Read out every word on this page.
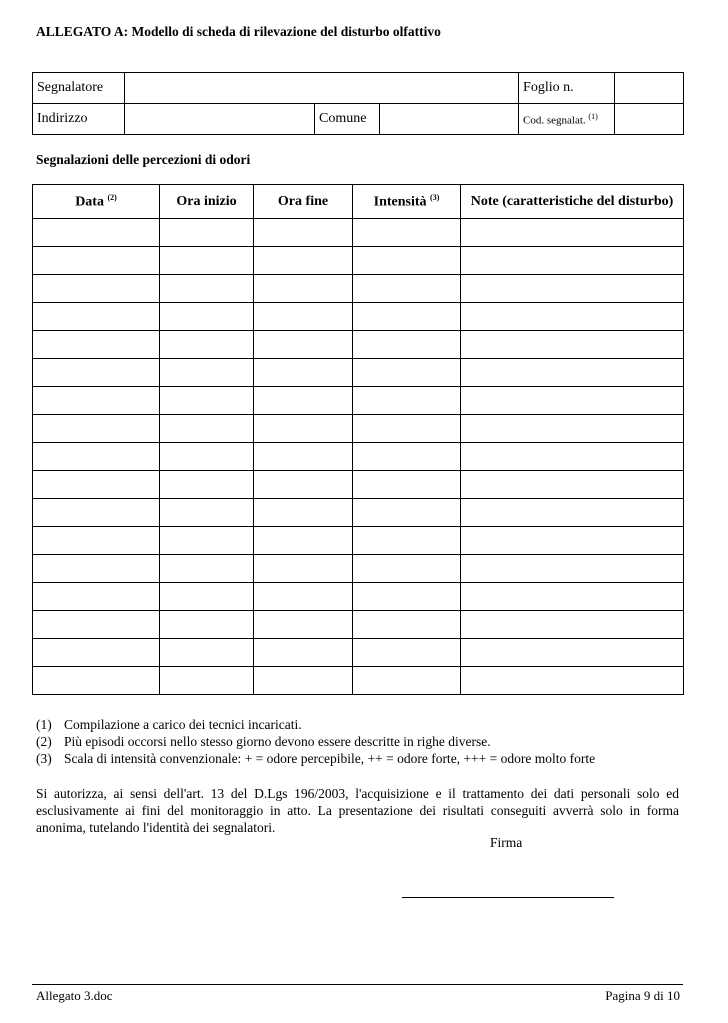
ALLEGATO A: Modello di scheda di rilevazione del disturbo olfattivo
Segnalatore				Foglio n.	
Indirizzo		Comune		Cod. segnalat. $^{(1)}$	
Segnalazioni delle percezioni di odori
Data $^{(2)}$	Ora inizio	Ora fine	Intensità $^{(3)}$	Note (caratteristiche del disturbo)

(1) Compilazione a carico dei tecnici incaricati.
(2) Più episodi occorsi nello stesso giorno devono essere descritte in righe diverse.
(3) Scala di intensità convenzionale: + = odore percepibile, ++ = odore forte, +++ = odore molto forte
Si autorizza, ai sensi dell'art. 13 del D.Lgs 196/2003, l'acquisizione e il trattamento dei dati personali solo ed esclusivamente ai fini del monitoraggio in atto. La presentazione dei risultati conseguiti avverrà solo in forma anonima, tutelando l'identità dei segnalatori.
Firma
Allegato 3.doc	Pagina 9 di 10
